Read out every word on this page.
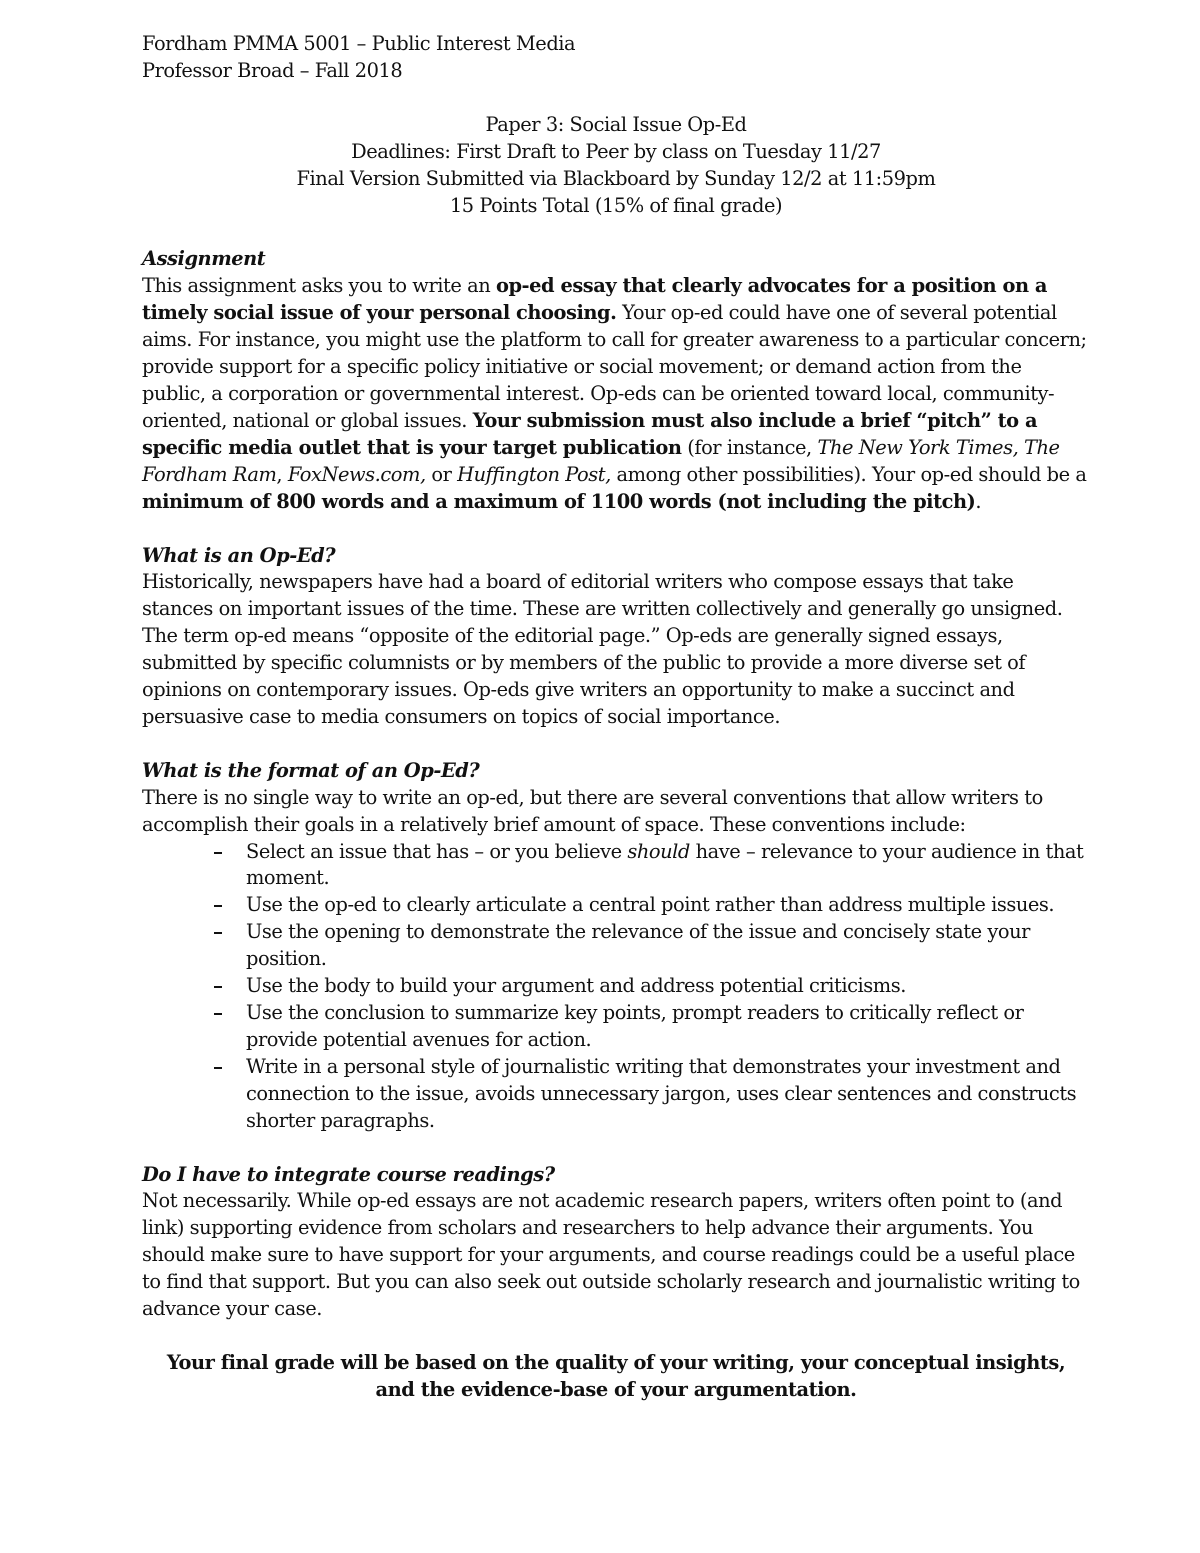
Fordham PMMA 5001 – Public Interest Media

Professor Broad – Fall 2018

Paper 3: Social Issue Op-Ed

Deadlines: First Draft to Peer by class on Tuesday 11/27

Final Version Submitted via Blackboard by Sunday 12/2 at 11:59pm

15 Points Total (15% of final grade)

Assignment

This assignment asks you to write an op-ed essay that clearly advocates for a position on a timely social issue of your personal choosing. Your op-ed could have one of several potential aims. For instance, you might use the platform to call for greater awareness to a particular concern; provide support for a specific policy initiative or social movement; or demand action from the public, a corporation or governmental interest. Op-eds can be oriented toward local, community-oriented, national or global issues. Your submission must also include a brief “pitch” to a specific media outlet that is your target publication (for instance, The New York Times, The Fordham Ram, FoxNews.com, or Huffington Post, among other possibilities). Your op-ed should be a minimum of 800 words and a maximum of 1100 words (not including the pitch).

What is an Op-Ed?

Historically, newspapers have had a board of editorial writers who compose essays that take stances on important issues of the time. These are written collectively and generally go unsigned. The term op-ed means “opposite of the editorial page.” Op-eds are generally signed essays, submitted by specific columnists or by members of the public to provide a more diverse set of opinions on contemporary issues. Op-eds give writers an opportunity to make a succinct and persuasive case to media consumers on topics of social importance.

What is the format of an Op-Ed?

There is no single way to write an op-ed, but there are several conventions that allow writers to accomplish their goals in a relatively brief amount of space. These conventions include:

Select an issue that has – or you believe should have – relevance to your audience in that moment.
Use the op-ed to clearly articulate a central point rather than address multiple issues.
Use the opening to demonstrate the relevance of the issue and concisely state your position.
Use the body to build your argument and address potential criticisms.
Use the conclusion to summarize key points, prompt readers to critically reflect or provide potential avenues for action.
Write in a personal style of journalistic writing that demonstrates your investment and connection to the issue, avoids unnecessary jargon, uses clear sentences and constructs shorter paragraphs.

Do I have to integrate course readings?

Not necessarily. While op-ed essays are not academic research papers, writers often point to (and link) supporting evidence from scholars and researchers to help advance their arguments. You should make sure to have support for your arguments, and course readings could be a useful place to find that support. But you can also seek out outside scholarly research and journalistic writing to advance your case.

Your final grade will be based on the quality of your writing, your conceptual insights,

and the evidence-base of your argumentation.
